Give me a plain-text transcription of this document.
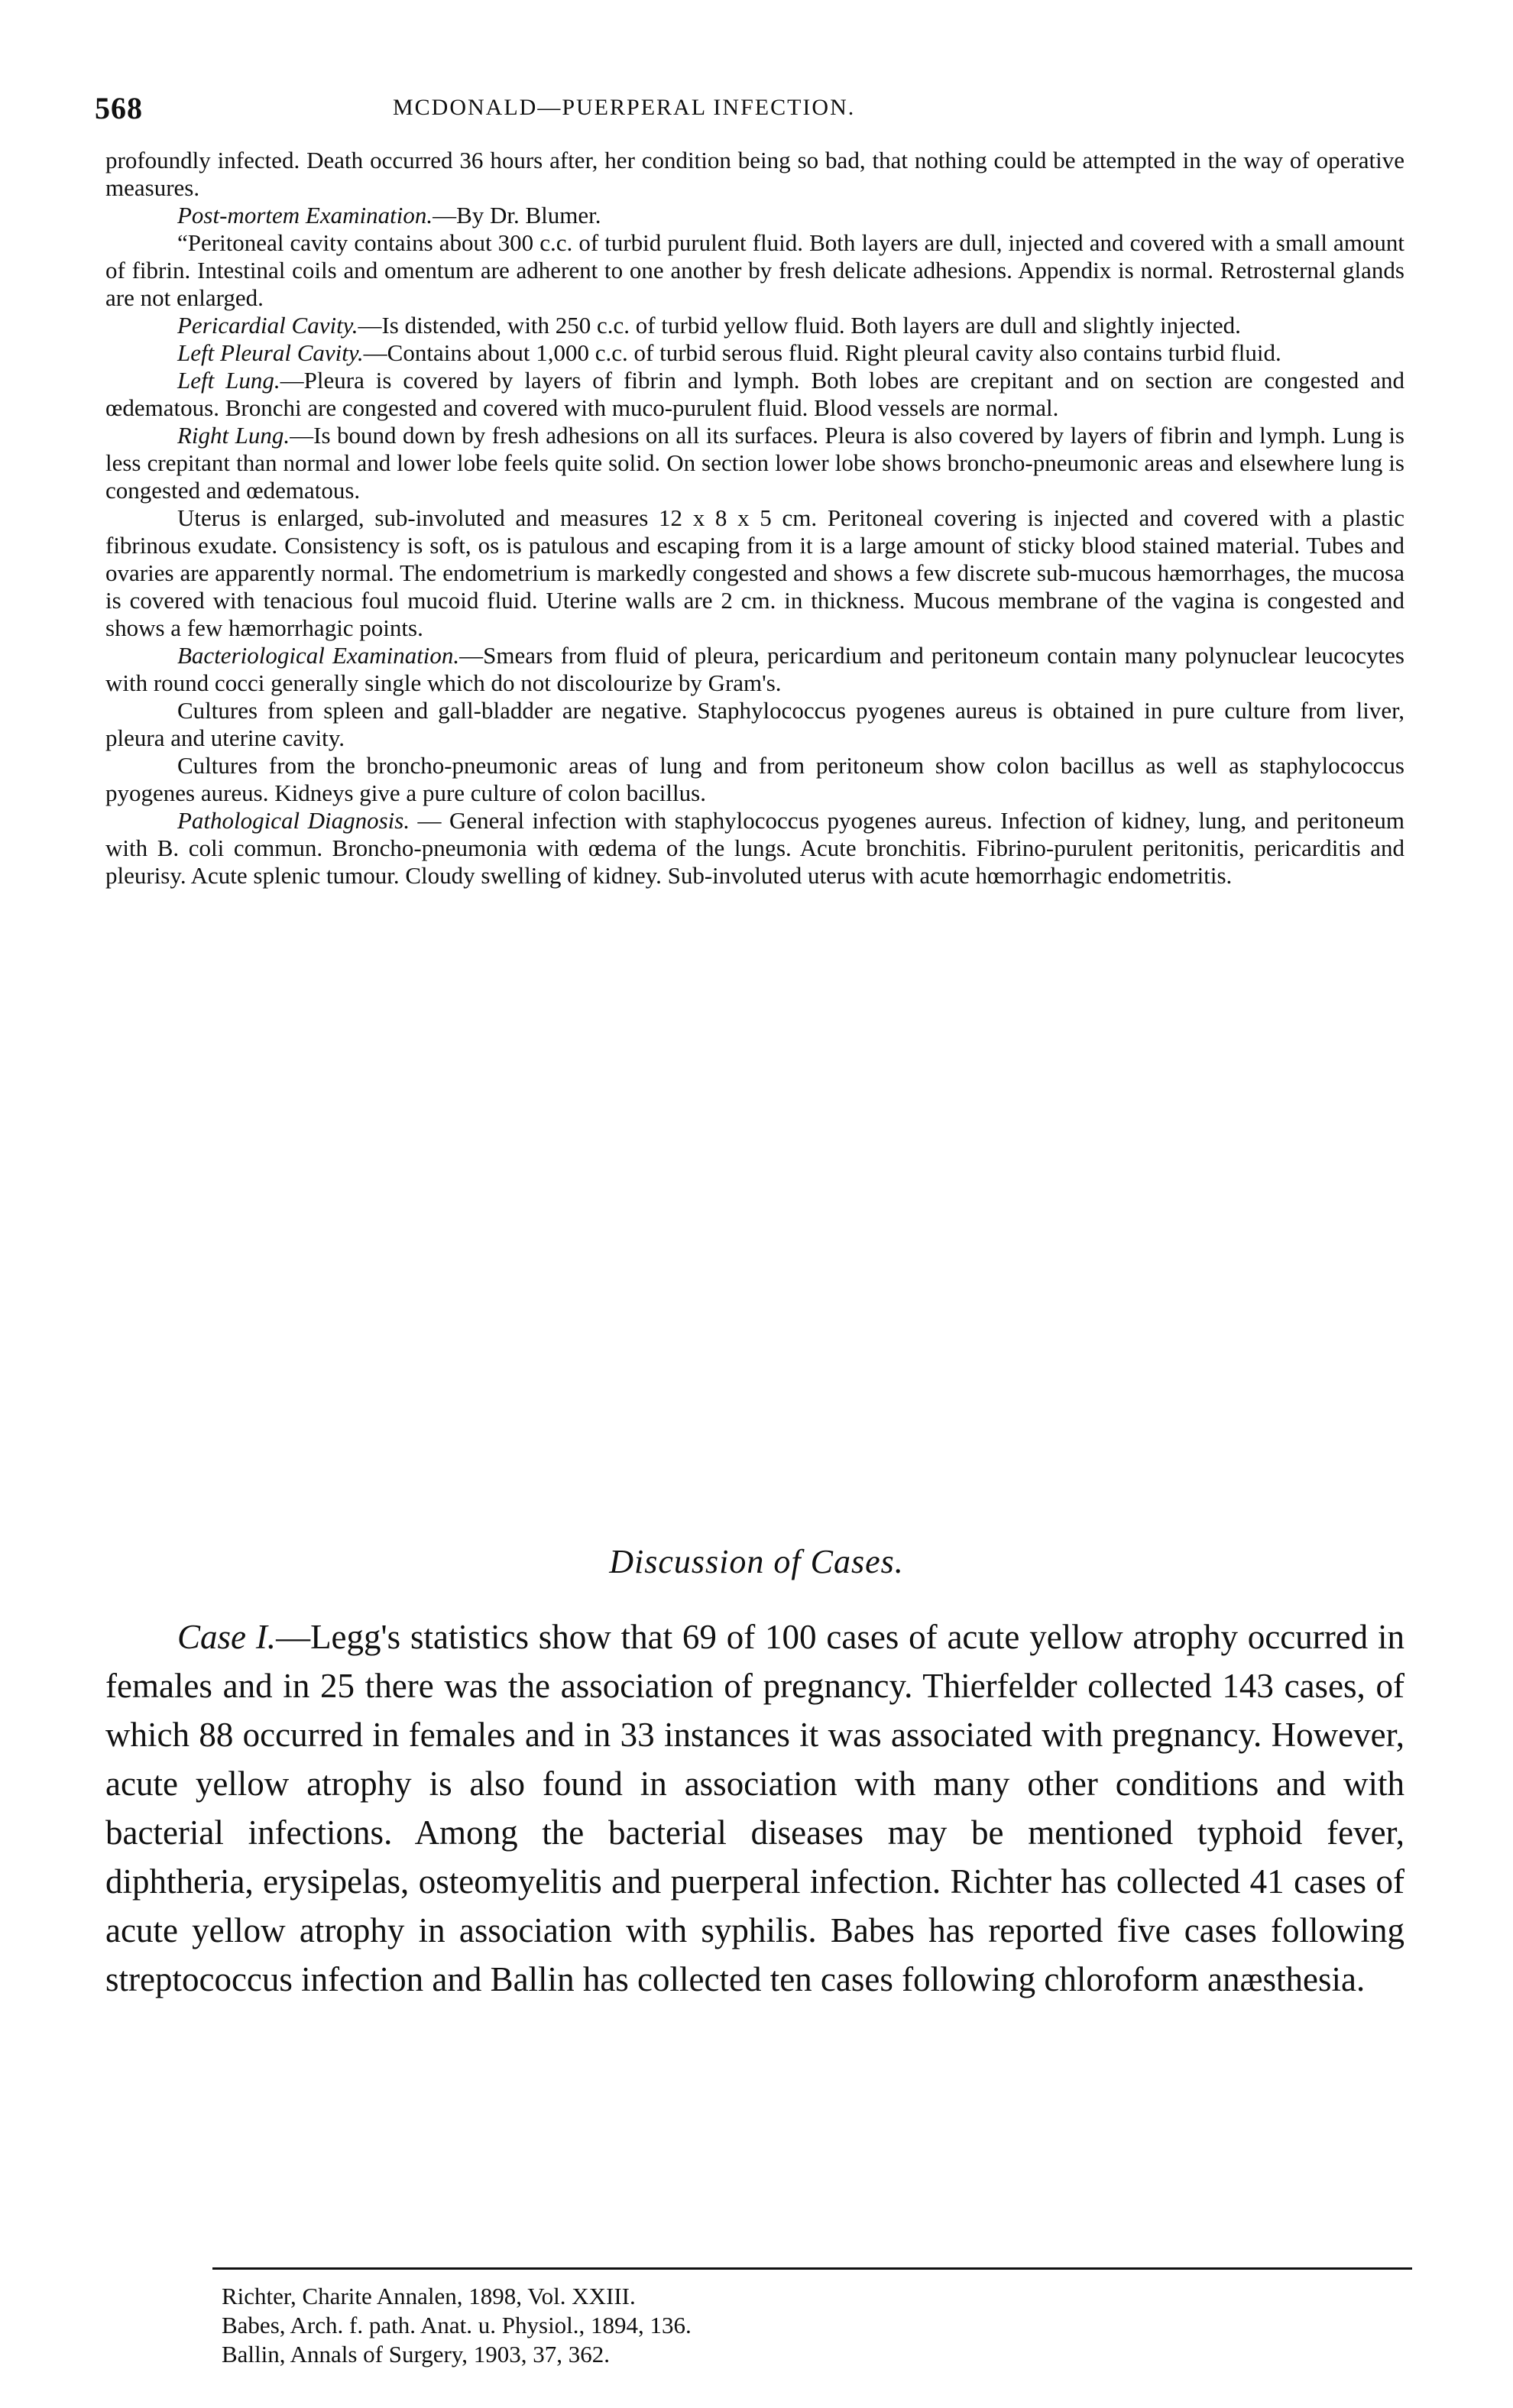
568	MCDONALD—PUERPERAL INFECTION.

profoundly infected. Death occurred 36 hours after, her condition being so bad, that nothing could be attempted in the way of operative measures.

Post-mortem Examination.—By Dr. Blumer.

“Peritoneal cavity contains about 300 c.c. of turbid purulent fluid. Both layers are dull, injected and covered with a small amount of fibrin. Intestinal coils and omentum are adherent to one another by fresh delicate adhesions. Appendix is normal. Retrosternal glands are not enlarged.

Pericardial Cavity.—Is distended, with 250 c.c. of turbid yellow fluid. Both layers are dull and slightly injected.

Left Pleural Cavity.—Contains about 1,000 c.c. of turbid serous fluid. Right pleural cavity also contains turbid fluid.

Left Lung.—Pleura is covered by layers of fibrin and lymph. Both lobes are crepitant and on section are congested and œdematous. Bronchi are congested and covered with muco-purulent fluid. Blood vessels are normal.

Right Lung.—Is bound down by fresh adhesions on all its surfaces. Pleura is also covered by layers of fibrin and lymph. Lung is less crepitant than normal and lower lobe feels quite solid. On section lower lobe shows broncho-pneumonic areas and elsewhere lung is congested and œdematous.

Uterus is enlarged, sub-involuted and measures 12 x 8 x 5 cm. Peritoneal covering is injected and covered with a plastic fibrinous exudate. Consistency is soft, os is patulous and escaping from it is a large amount of sticky blood stained material. Tubes and ovaries are apparently normal. The endometrium is markedly congested and shows a few discrete sub-mucous hæmorrhages, the mucosa is covered with tenacious foul mucoid fluid. Uterine walls are 2 cm. in thickness. Mucous membrane of the vagina is congested and shows a few hæmorrhagic points.

Bacteriological Examination.—Smears from fluid of pleura, pericardium and peritoneum contain many polynuclear leucocytes with round cocci generally single which do not discolourize by Gram's.

Cultures from spleen and gall-bladder are negative. Staphylococcus pyogenes aureus is obtained in pure culture from liver, pleura and uterine cavity.

Cultures from the broncho-pneumonic areas of lung and from peritoneum show colon bacillus as well as staphylococcus pyogenes aureus. Kidneys give a pure culture of colon bacillus.

Pathological Diagnosis. — General infection with staphylococcus pyogenes aureus. Infection of kidney, lung, and peritoneum with B. coli commun. Broncho-pneumonia with œdema of the lungs. Acute bronchitis. Fibrino-purulent peritonitis, pericarditis and pleurisy. Acute splenic tumour. Cloudy swelling of kidney. Sub-involuted uterus with acute hœmorrhagic endometritis.

Discussion of Cases.

Case I.—Legg's statistics show that 69 of 100 cases of acute yellow atrophy occurred in females and in 25 there was the association of pregnancy. Thierfelder collected 143 cases, of which 88 occurred in females and in 33 instances it was associated with pregnancy. However, acute yellow atrophy is also found in association with many other conditions and with bacterial infections. Among the bacterial diseases may be mentioned typhoid fever, diphtheria, erysipelas, osteomyelitis and puerperal infection. Richter has collected 41 cases of acute yellow atrophy in association with syphilis. Babes has reported five cases following streptococcus infection and Ballin has collected ten cases following chloroform anæsthesia.

Richter, Charite Annalen, 1898, Vol. XXIII.
Babes, Arch. f. path. Anat. u. Physiol., 1894, 136.
Ballin, Annals of Surgery, 1903, 37, 362.
